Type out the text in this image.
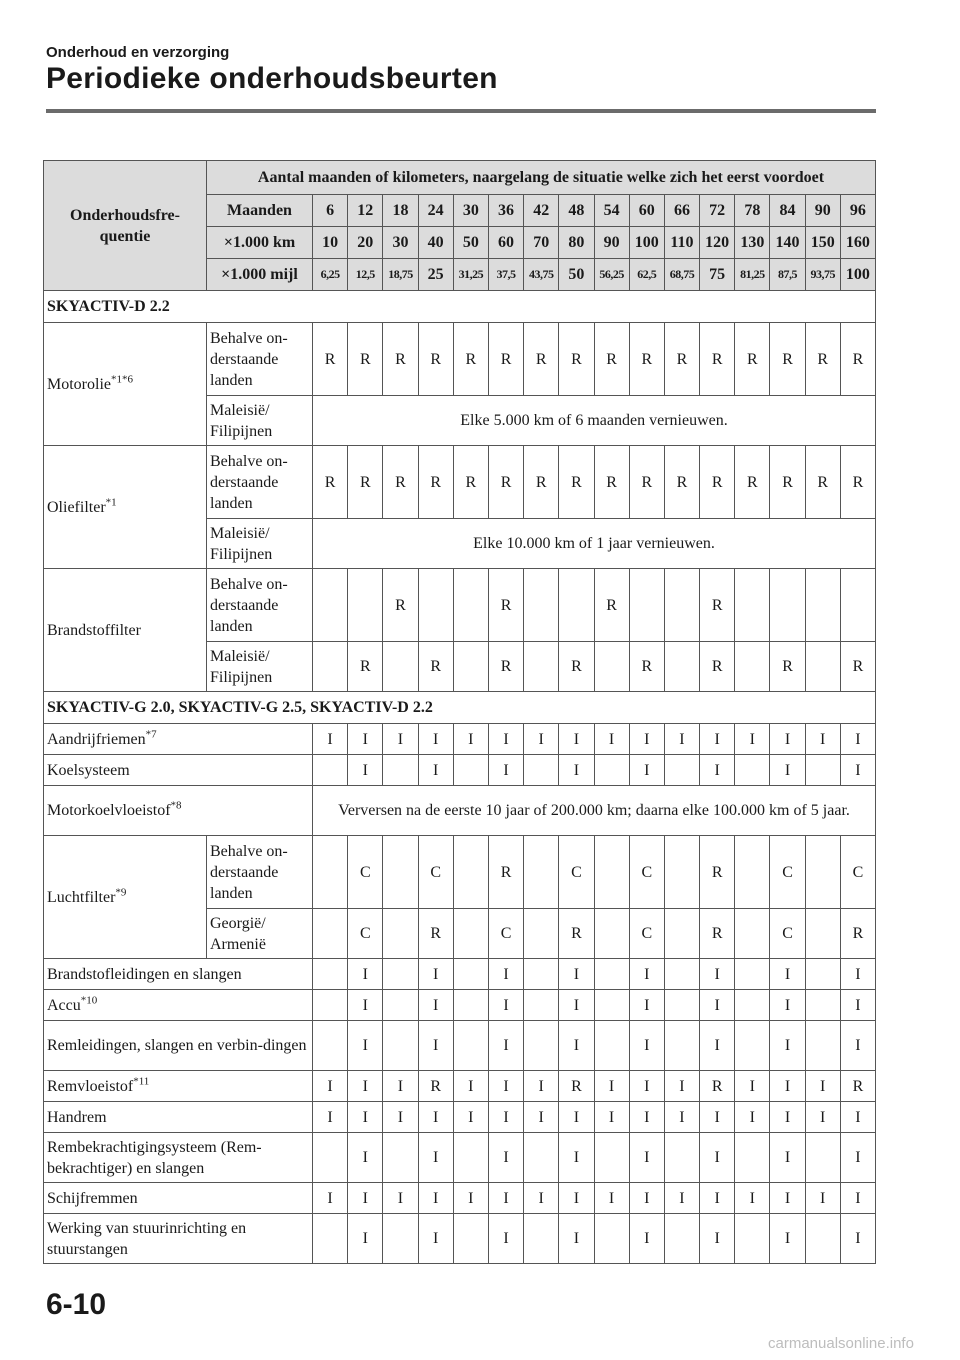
Onderhoud en verzorging
Periodieke onderhoudsbeurten
Onderhoudsfre-quentie	Aantal maanden of kilometers, naargelang de situatie welke zich het eerst voordoet																
	Maanden	6	12	18	24	30	36	42	48	54	60	66	72	78	84	90	96
	×1.000 km	10	20	30	40	50	60	70	80	90	100	110	120	130	140	150	160
	×1.000 mijl	6,25	12,5	18,75	25	31,25	37,5	43,75	50	56,25	62,5	68,75	75	81,25	87,5	93,75	100
SKYACTIV-D 2.2																	
Motorolie$^{*1*6}$	Behalve on-derstaande landen	R	R	R	R	R	R	R	R	R	R	R	R	R	R	R	R
	Maleisië/ Filipijnen	Elke 5.000 km of 6 maanden vernieuwen.															
Oliefilter$^{*1}$	Behalve on-derstaande landen	R	R	R	R	R	R	R	R	R	R	R	R	R	R	R	R
	Maleisië/ Filipijnen	Elke 10.000 km of 1 jaar vernieuwen.															
Brandstoffilter	Behalve on-derstaande landen			R			R			R			R				
	Maleisië/ Filipijnen		R		R		R		R		R		R		R		R
SKYACTIV-G 2.0, SKYACTIV-G 2.5, SKYACTIV-D 2.2																	
Aandrijfriemen$^{*7}$		I	I	I	I	I	I	I	I	I	I	I	I	I	I	I	I
Koelsysteem			I		I		I		I		I		I		I		I
Motorkoelvloeistof$^{*8}$		Verversen na de eerste 10 jaar of 200.000 km; daarna elke 100.000 km of 5 jaar.															
Luchtfilter$^{*9}$	Behalve on-derstaande landen		C		C		R		C		C		R		C		C
	Georgië/ Armenië		C		R		C		R		C		R		C		R
Brandstofleidingen en slangen			I		I		I		I		I		I		I		I
Accu$^{*10}$			I		I		I		I		I		I		I		I
Remleidingen, slangen en verbin-dingen			I		I		I		I		I		I		I		I
Remvloeistof$^{*11}$		I	I	I	R	I	I	I	R	I	I	I	R	I	I	I	R
Handrem		I	I	I	I	I	I	I	I	I	I	I	I	I	I	I	I
Rembekrachtigingsysteem (Rem-bekrachtiger) en slangen			I		I		I		I		I		I		I		I
Schijfremmen		I	I	I	I	I	I	I	I	I	I	I	I	I	I	I	I
Werking van stuurinrichting en stuurstangen			I		I		I		I		I		I		I		I
6-10
carmanualsonline.info
